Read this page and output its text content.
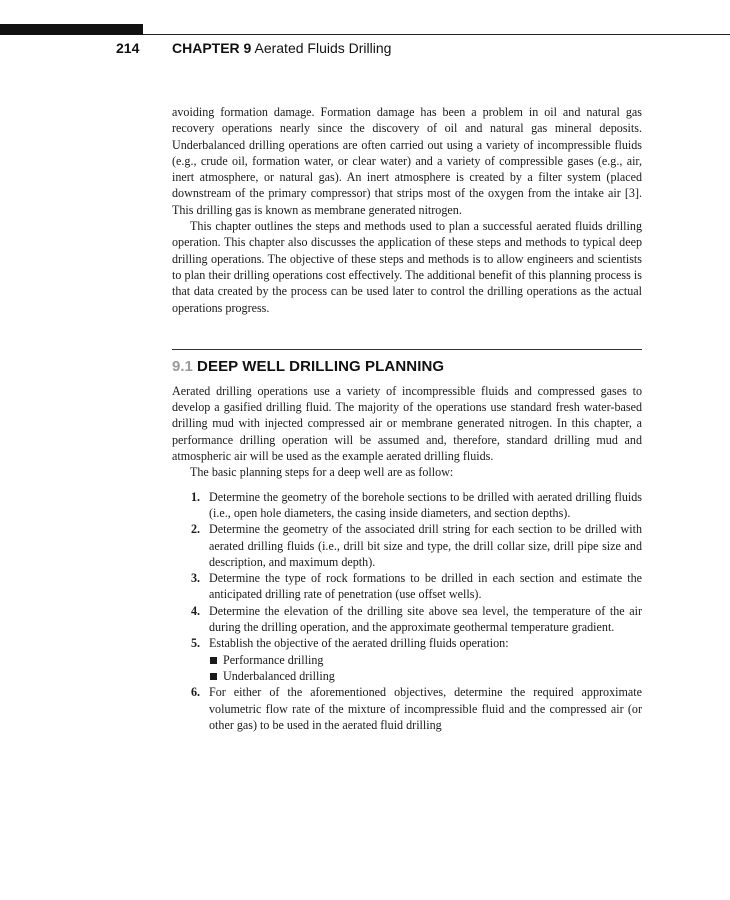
214 CHAPTER 9 Aerated Fluids Drilling

avoiding formation damage. Formation damage has been a problem in oil and natural gas recovery operations nearly since the discovery of oil and natural gas mineral deposits. Underbalanced drilling operations are often carried out using a variety of incompressible fluids (e.g., crude oil, formation water, or clear water) and a variety of compressible gases (e.g., air, inert atmosphere, or natural gas). An inert atmosphere is created by a filter system (placed downstream of the primary compressor) that strips most of the oxygen from the intake air [3]. This drilling gas is known as membrane generated nitrogen.

This chapter outlines the steps and methods used to plan a successful aerated fluids drilling operation. This chapter also discusses the application of these steps and methods to typical deep drilling operations. The objective of these steps and methods is to allow engineers and scientists to plan their drilling operations cost effectively. The additional benefit of this planning process is that data created by the process can be used later to control the drilling operations as the actual operations progress.

9.1 DEEP WELL DRILLING PLANNING

Aerated drilling operations use a variety of incompressible fluids and compressed gases to develop a gasified drilling fluid. The majority of the operations use standard fresh water-based drilling mud with injected compressed air or membrane generated nitrogen. In this chapter, a performance drilling operation will be assumed and, therefore, standard drilling mud and atmospheric air will be used as the example aerated drilling fluids.

The basic planning steps for a deep well are as follow:

1. Determine the geometry of the borehole sections to be drilled with aerated drilling fluids (i.e., open hole diameters, the casing inside diameters, and section depths).
2. Determine the geometry of the associated drill string for each section to be drilled with aerated drilling fluids (i.e., drill bit size and type, the drill collar size, drill pipe size and description, and maximum depth).
3. Determine the type of rock formations to be drilled in each section and estimate the anticipated drilling rate of penetration (use offset wells).
4. Determine the elevation of the drilling site above sea level, the temperature of the air during the drilling operation, and the approximate geothermal temperature gradient.
5. Establish the objective of the aerated drilling fluids operation:
Performance drilling
Underbalanced drilling
6. For either of the aforementioned objectives, determine the required approximate volumetric flow rate of the mixture of incompressible fluid and the compressed air (or other gas) to be used in the aerated fluid drilling
